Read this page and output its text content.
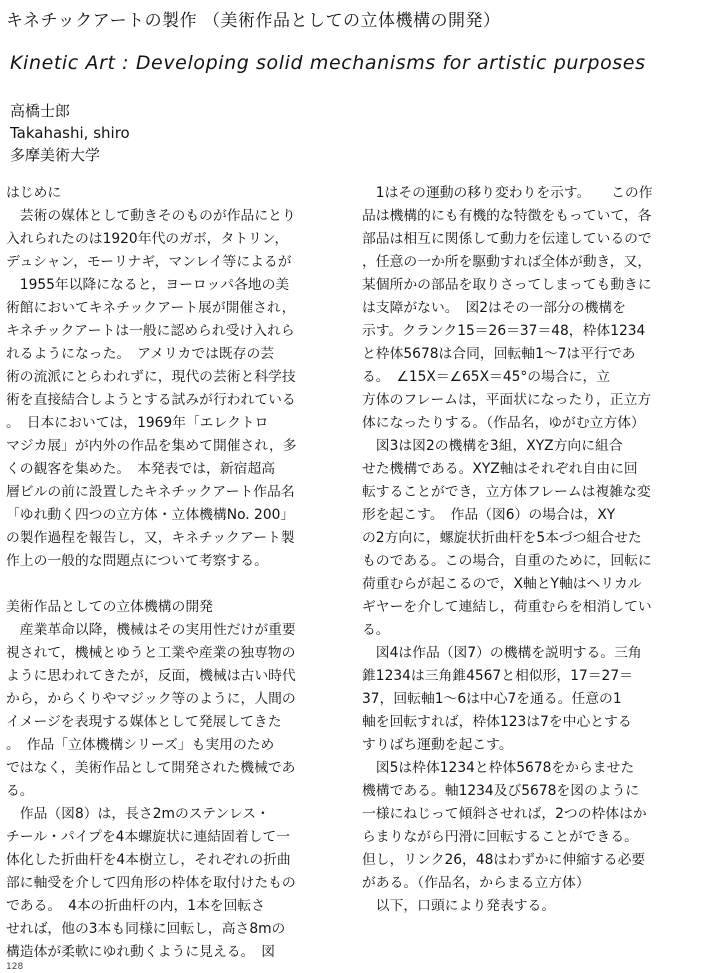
キネチックアートの製作 （美術作品としての立体機構の開発）
Kinetic Art : Developing solid mechanisms for artistic purposes
高橋士郎
Takahashi, shiro
多摩美術大学
はじめに
　芸術の媒体として動きそのものが作品にとり
入れられたのは1920年代のガボ，タトリン，
デュシャン，モーリナギ，マンレイ等によるが
　1955年以降になると，ヨーロッパ各地の美
術館においてキネチックアート展が開催され，
キネチックアートは一般に認められ受け入れら
れるようになった。　アメリカでは既存の芸
術の流派にとらわれずに，現代の芸術と科学技
術を直接結合しようとする試みが行われている
。　日本においては，1969年「エレクトロ
マジカ展」が内外の作品を集めて開催され，多
くの観客を集めた。　本発表では，新宿超高
層ビルの前に設置したキネチックアート作品名
「ゆれ動く四つの立方体・立体機構No. 200」
の製作過程を報告し，又，キネチックアート製
作上の一般的な問題点について考察する。
美術作品としての立体機構の開発
　産業革命以降，機械はその実用性だけが重要
視されて，機械とゆうと工業や産業の独専物の
ように思われてきたが，反面，機械は古い時代
から，からくりやマジック等のように，人間の
イメージを表現する媒体として発展してきた
。　作品「立体機構シリーズ」も実用のため
ではなく，美術作品として開発された機械であ
る。
　作品（図8）は，長さ2mのステンレス・
チール・パイプを4本螺旋状に連結固着して一
体化した折曲杆を4本樹立し，それぞれの折曲
部に軸受を介して四角形の枠体を取付けたもの
である。　4本の折曲杆の内，1本を回転さ
せれば，他の3本も同様に回転し，高さ8mの
構造体が柔軟にゆれ動くように見える。　図
　1はその運動の移り変わりを示す。　　この作
品は機構的にも有機的な特徴をもっていて，各
部品は相互に関係して動力を伝達しているので
，任意の一か所を駆動すれば全体が動き，又，
某個所かの部品を取りさってしまっても動きに
は支障がない。　図2はその一部分の機構を
示す。クランク15＝26＝37＝48，枠体1234
と枠体5678は合同，回転軸1〜7は平行であ
る。　∠15X＝∠65X＝45°の場合に，立
方体のフレームは，平面状になったり，正立方
体になったりする。（作品名，ゆがむ立方体）
　図3は図2の機構を3組，XYZ方向に組合
せた機構である。XYZ軸はそれぞれ自由に回
転することができ，立方体フレームは複雑な変
形を起こす。　作品（図6）の場合は，XY
の2方向に，螺旋状折曲杆を5本づつ組合せた
ものである。この場合，自重のために，回転に
荷重むらが起こるので，X軸とY軸はヘリカル
ギヤーを介して連結し，荷重むらを相消してい
る。
　図4は作品（図7）の機構を説明する。三角
錐1234は三角錐4567と相似形，17＝27＝
37，回転軸1〜6は中心7を通る。任意の1
軸を回転すれば，枠体123は7を中心とする
すりばち運動を起こす。
　図5は枠体1234と枠体5678をからませた
機構である。軸1234及び5678を図のように
一様にねじって傾斜させれば，2つの枠体はか
らまりながら円滑に回転することができる。
但し，リンク26，48はわずかに伸縮する必要
がある。（作品名，からまる立方体）
　以下，口頭により発表する。
128
